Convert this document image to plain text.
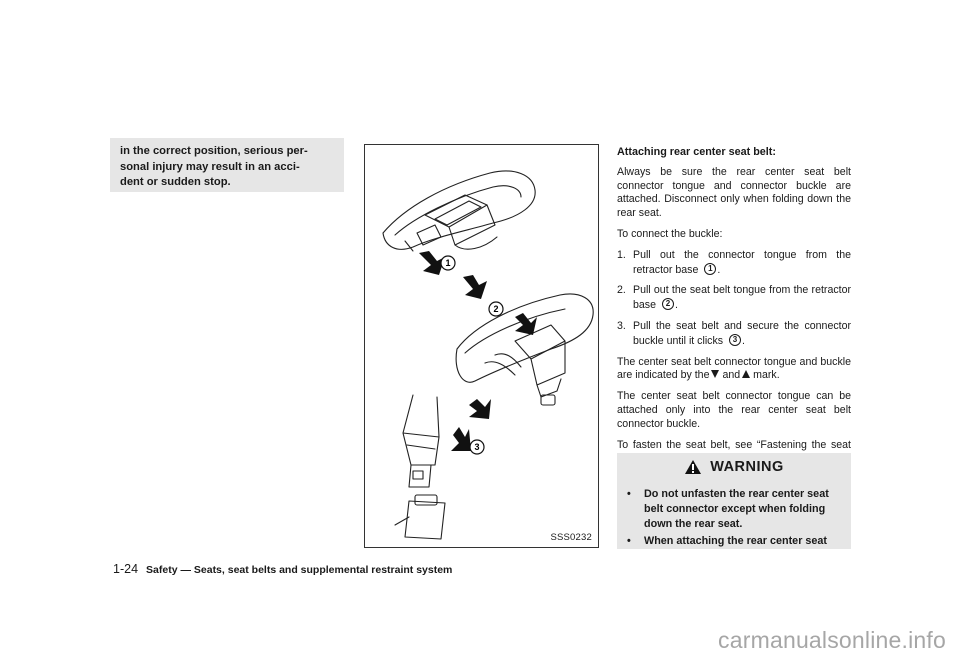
in the correct position, serious per-
sonal injury may result in an acci-
dent or sudden stop.
1
2
3
SSS0232
Attaching rear center seat belt:

Always be sure the rear center seat belt connector tongue and connector buckle are attached. Disconnect only when folding down the rear seat.

To connect the buckle:

1. Pull out the connector tongue from the retractor base 1 .
2. Pull out the seat belt tongue from the retractor base 2 .
3. Pull the seat belt and secure the connector buckle until it clicks 3 .

The center seat belt connector tongue and buckle are indicated by the and mark.

The center seat belt connector tongue can be attached only into the rear center seat belt connector buckle.

To fasten the seat belt, see “Fastening the seat

WARNING
• Do not unfasten the rear center seat belt connector except when folding down the rear seat.
• When attaching the rear center seat
1-24 Safety — Seats, seat belts and supplemental restraint system
carmanualsonline.info
